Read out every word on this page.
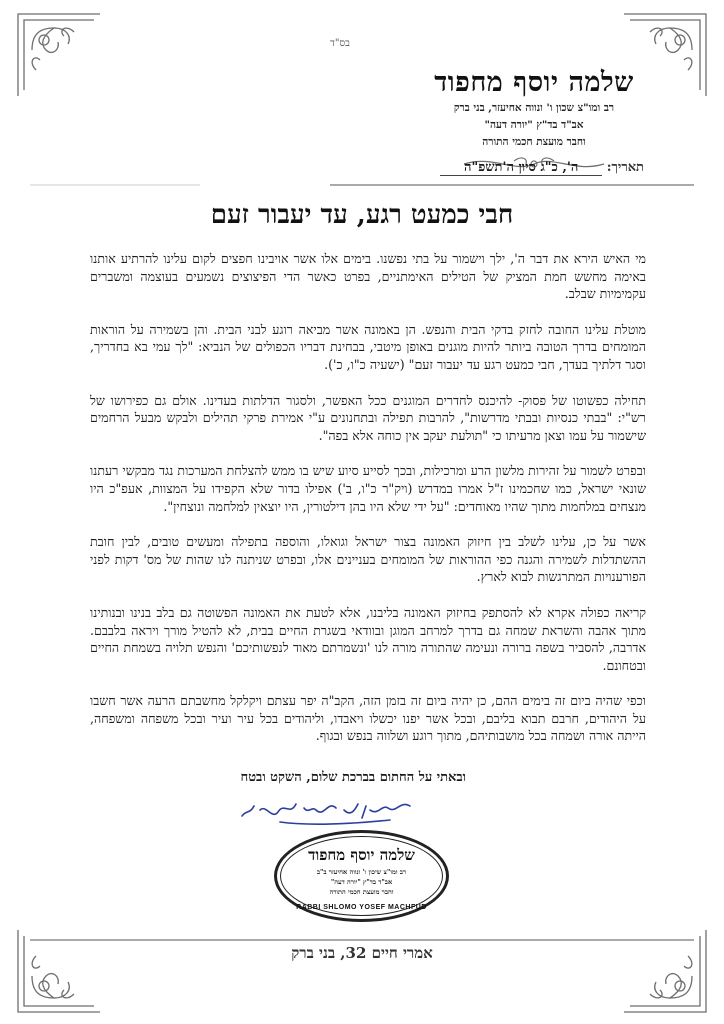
בס"ד
שלמה יוסף מחפוד
רב ומו"צ שכון ו' ונווה אחיעזר, בני ברק
אב"ד בד"ץ "יורה דעה"
וחבר מועצת חכמי התורה
תאריך: ה', כ"ג סיון ה'תשפ"ה
חבי כמעט רגע, עד יעבור זעם

מי האיש הירא את דבר ה', ילך וישמור על בתי נפשנו. בימים אלו אשר אויבינו חפצים לקום עלינו להרתיע אותנו באימה מחשש חמת המציק של הטילים האימתניים, בפרט כאשר הדי הפיצוצים נשמעים בעוצמה ומשברים עקמימיות שבלב.

מוטלת עלינו החובה לחזק בדקי הבית והנפש. הן באמונה אשר מביאה רוגע לבני הבית. והן בשמירה על הוראות המומחים בדרך הטובה ביותר להיות מוגנים באופן מיטבי, בבחינת דבריו הכפולים של הנביא: "לך עמי בא בחדריך, וסגר דלתיך בעדך, חבי כמעט רגע עד יעבור זעם" (ישעיה כ"ו, כ').

תחילה כפשוטו של פסוק- להיכנס לחדרים המוגנים ככל האפשר, ולסגור הדלתות בעדינו. אולם גם כפירושו של רש"י: "בבתי כנסיות ובבתי מדרשות", להרבות תפילה ובתחנונים ע"י אמירת פרקי תהילים ולבקש מבעל הרחמים שישמור על עמו וצאן מרעיתו כי "תולעת יעקב אין כוחה אלא בפה".

ובפרט לשמור על זהירות מלשון הרע ומרכילות, ובכך לסייע סיוע שיש בו ממש להצלחת המערכות נגד מבקשי רעתנו שונאי ישראל, כמו שחכמינו ז"ל אמרו במדרש (ויק"ר כ"ו, ב') אפילו בדור שלא הקפידו על המצוות, אעפ"כ היו מנצחים במלחמות מתוך שהיו מאוחדים: "על ידי שלא היו בהן דילטורין, היו יוצאין למלחמה ונוצחין".

אשר על כן, עלינו לשלב בין חיזוק האמונה בצור ישראל וגואלו, והוספה בתפילה ומעשים טובים, לבין חובת ההשתדלות לשמירה והגנה כפי ההוראות של המומחים בעניינים אלו, ובפרט שניתנה לנו שהות של מס' דקות לפני הפורענויות המתרגשות לבוא לארץ.

קריאה כפולה אקרא לא להסתפק בחיזוק האמונה בליבנו, אלא לטעת את האמונה הפשוטה גם בלב בנינו ובנותינו מתוך אהבה והשראת שמחה גם בדרך למרחב המוגן ובוודאי בשגרת החיים בבית, לא להטיל מורך ויראה בלבבם. אדרבה, להסביר בשפה ברורה ונעימה שהתורה מורה לנו 'ונשמרתם מאוד לנפשותיכם' והנפש תלויה בשמחת החיים ובטחונם.

וכפי שהיה ביום זה בימים ההם, כן יהיה ביום זה בזמן הזה, הקב"ה יפר עצתם ויקלקל מחשבתם הרעה אשר חשבו על היהודים, חרבם תבוא בליבם, ובכל אשר יפנו יכשלו ויאבדו, וליהודים בכל עיר ועיר ובכל משפחה ומשפחה, הייתה אורה ושמחה בכל מושבותיהם, מתוך רוגע ושלווה בנפש ובגוף.

ובאתי על החתום בברכת שלום, השקט ובטח
שלמה יוסף מחפוד
רב ומו"צ שיכון ו' ונווה אחיעזר ב"ב
אב"ד בד"ץ "יורה דעה"
וחבר מועצת חכמי התורה
RABBI SHLOMO YOSEF MACHFUD
אמרי חיים 32, בני ברק
